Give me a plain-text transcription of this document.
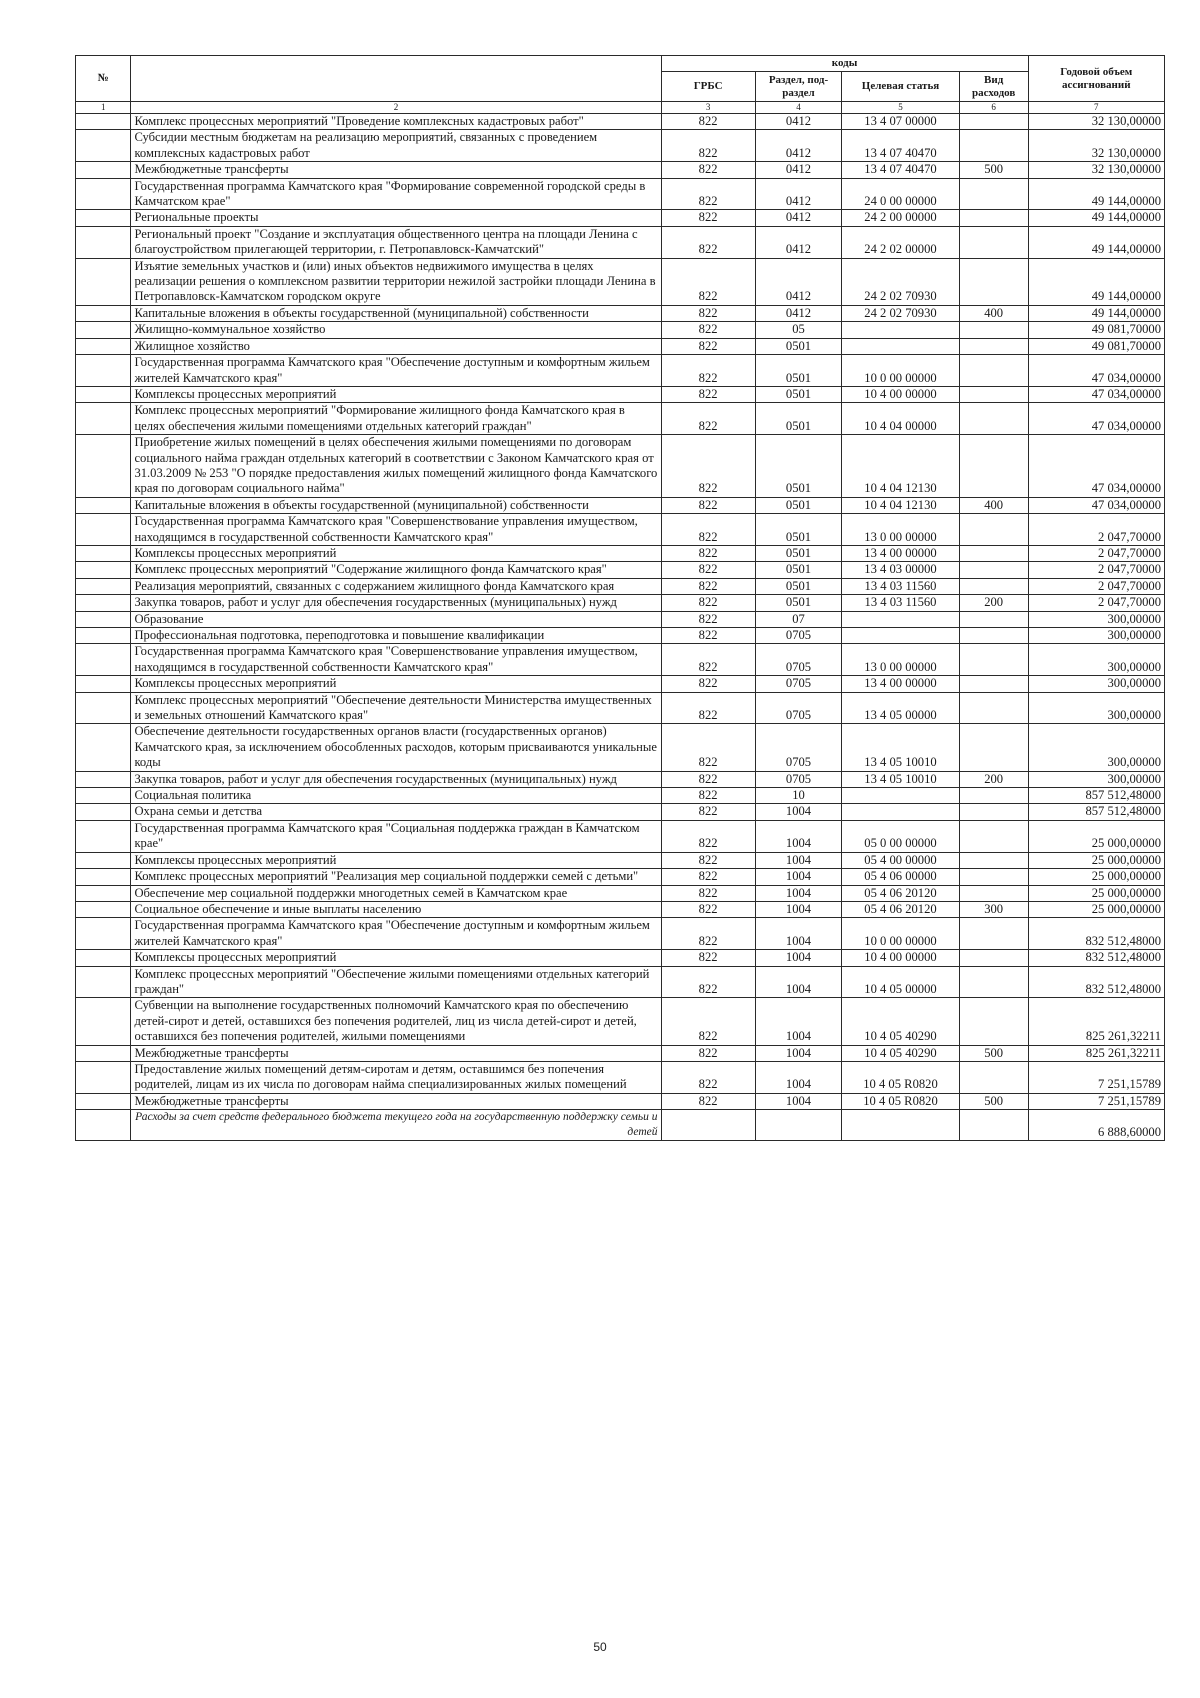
№		коды				Годовой объем ассигнований
		ГРБС	Раздел, под-раздел	Целевая статья	Вид расходов	
1	2	3	4	5	6	7
	Комплекс процессных мероприятий "Проведение комплексных кадастровых работ"	822	0412	13 4 07 00000		32 130,00000
	Субсидии местным бюджетам на реализацию мероприятий, связанных с проведением комплексных кадастровых работ	822	0412	13 4 07 40470		32 130,00000
	Межбюджетные трансферты	822	0412	13 4 07 40470	500	32 130,00000
	Государственная программа Камчатского края "Формирование современной городской среды в Камчатском крае"	822	0412	24 0 00 00000		49 144,00000
	Региональные проекты	822	0412	24 2 00 00000		49 144,00000
	Региональный проект "Создание и эксплуатация общественного центра на площади Ленина с благоустройством прилегающей территории, г. Петропавловск-Камчатский"	822	0412	24 2 02 00000		49 144,00000
	Изъятие земельных участков и (или) иных объектов недвижимого имущества в целях реализации решения о комплексном развитии территории нежилой застройки площади Ленина в Петропавловск-Камчатском городском округе	822	0412	24 2 02 70930		49 144,00000
	Капитальные вложения в объекты государственной (муниципальной) собственности	822	0412	24 2 02 70930	400	49 144,00000
	Жилищно-коммунальное хозяйство	822	05			49 081,70000
	Жилищное хозяйство	822	0501			49 081,70000
	Государственная программа Камчатского края "Обеспечение доступным и комфортным жильем жителей Камчатского края"	822	0501	10 0 00 00000		47 034,00000
	Комплексы процессных мероприятий	822	0501	10 4 00 00000		47 034,00000
	Комплекс процессных мероприятий "Формирование жилищного фонда Камчатского края в целях обеспечения жилыми помещениями отдельных категорий граждан"	822	0501	10 4 04 00000		47 034,00000
	Приобретение жилых помещений в целях обеспечения жилыми помещениями по договорам социального найма граждан отдельных категорий в соответствии с Законом Камчатского края от 31.03.2009 № 253 "О порядке предоставления жилых помещений жилищного фонда Камчатского края по договорам социального найма"	822	0501	10 4 04 12130		47 034,00000
	Капитальные вложения в объекты государственной (муниципальной) собственности	822	0501	10 4 04 12130	400	47 034,00000
	Государственная программа Камчатского края "Совершенствование управления имуществом, находящимся в государственной собственности Камчатского края"	822	0501	13 0 00 00000		2 047,70000
	Комплексы процессных мероприятий	822	0501	13 4 00 00000		2 047,70000
	Комплекс процессных мероприятий "Содержание жилищного фонда Камчатского края"	822	0501	13 4 03 00000		2 047,70000
	Реализация мероприятий, связанных с содержанием жилищного фонда Камчатского края	822	0501	13 4 03 11560		2 047,70000
	Закупка товаров, работ и услуг для обеспечения государственных (муниципальных) нужд	822	0501	13 4 03 11560	200	2 047,70000
	Образование	822	07			300,00000
	Профессиональная подготовка, переподготовка и повышение квалификации	822	0705			300,00000
	Государственная программа Камчатского края "Совершенствование управления имуществом, находящимся в государственной собственности Камчатского края"	822	0705	13 0 00 00000		300,00000
	Комплексы процессных мероприятий	822	0705	13 4 00 00000		300,00000
	Комплекс процессных мероприятий "Обеспечение деятельности Министерства имущественных и земельных отношений Камчатского края"	822	0705	13 4 05 00000		300,00000
	Обеспечение деятельности государственных органов власти (государственных органов) Камчатского края, за исключением обособленных расходов, которым присваиваются уникальные коды	822	0705	13 4 05 10010		300,00000
	Закупка товаров, работ и услуг для обеспечения государственных (муниципальных) нужд	822	0705	13 4 05 10010	200	300,00000
	Социальная политика	822	10			857 512,48000
	Охрана семьи и детства	822	1004			857 512,48000
	Государственная программа Камчатского края "Социальная поддержка граждан в Камчатском крае"	822	1004	05 0 00 00000		25 000,00000
	Комплексы процессных мероприятий	822	1004	05 4 00 00000		25 000,00000
	Комплекс процессных мероприятий "Реализация мер социальной поддержки семей с детьми"	822	1004	05 4 06 00000		25 000,00000
	Обеспечение мер социальной поддержки многодетных семей в Камчатском крае	822	1004	05 4 06 20120		25 000,00000
	Социальное обеспечение и иные выплаты населению	822	1004	05 4 06 20120	300	25 000,00000
	Государственная программа Камчатского края "Обеспечение доступным и комфортным жильем жителей Камчатского края"	822	1004	10 0 00 00000		832 512,48000
	Комплексы процессных мероприятий	822	1004	10 4 00 00000		832 512,48000
	Комплекс процессных мероприятий "Обеспечение жилыми помещениями отдельных категорий граждан"	822	1004	10 4 05 00000		832 512,48000
	Субвенции на выполнение государственных полномочий Камчатского края по обеспечению детей-сирот и детей, оставшихся без попечения родителей, лиц из числа детей-сирот и детей, оставшихся без попечения родителей, жилыми помещениями	822	1004	10 4 05 40290		825 261,32211
	Межбюджетные трансферты	822	1004	10 4 05 40290	500	825 261,32211
	Предоставление жилых помещений детям-сиротам и детям, оставшимся без попечения родителей, лицам из их числа по договорам найма специализированных жилых помещений	822	1004	10 4 05 R0820		7 251,15789
	Межбюджетные трансферты	822	1004	10 4 05 R0820	500	7 251,15789
	Расходы за счет средств федерального бюджета текущего года на государственную поддержку семьи и детей					6 888,60000
50
